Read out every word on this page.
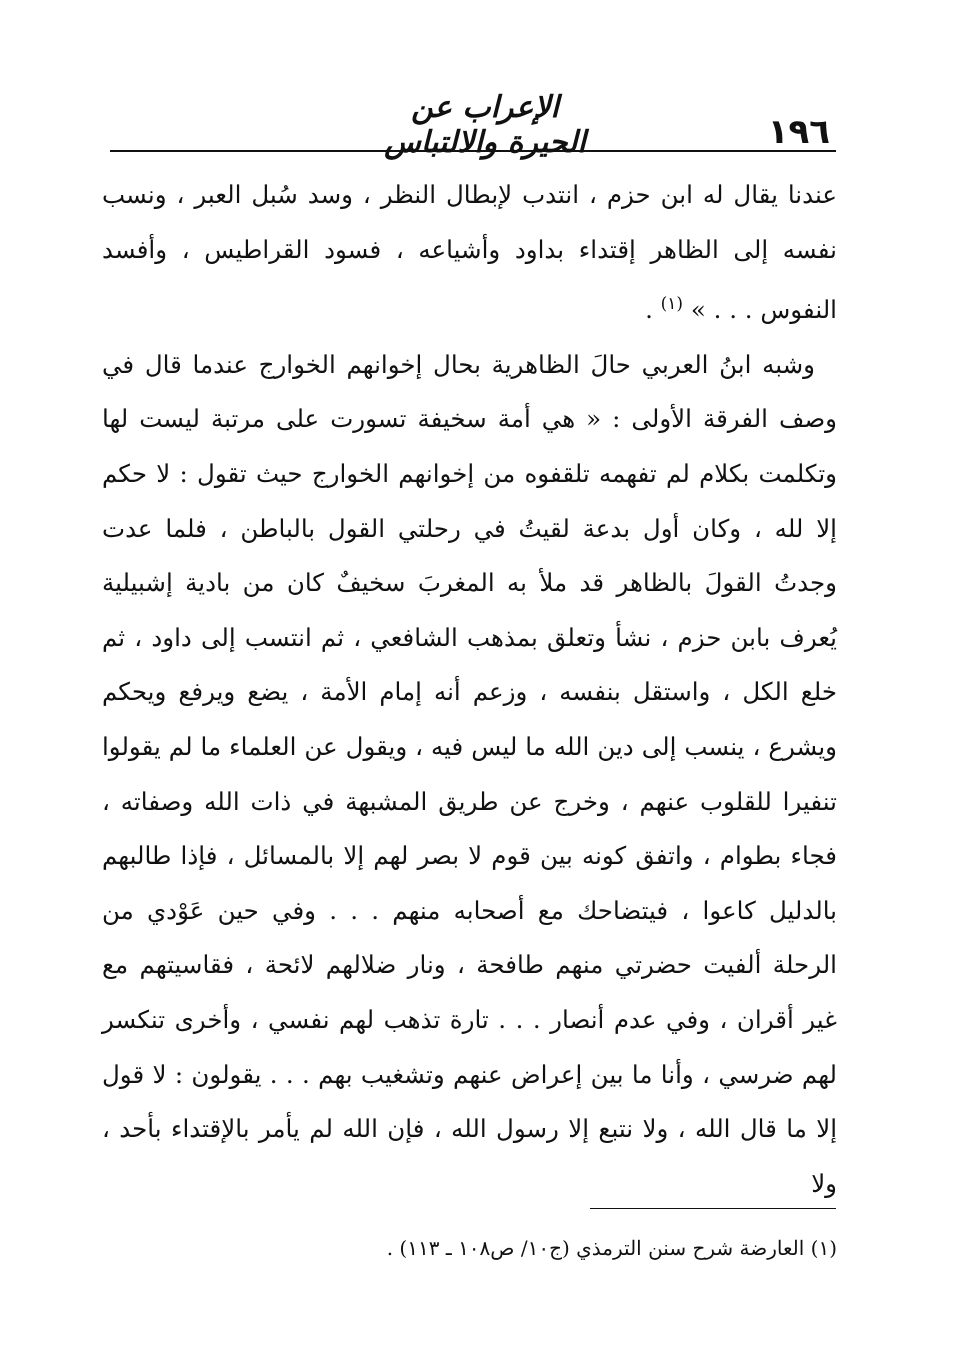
١٩٦
الإعراب عن الحيرة والالتباس

عندنا يقال له ابن حزم ، انتدب لإبطال النظر ، وسد سُبل العبر ، ونسب نفسه إلى الظاهر إقتداء بداود وأشياعه ، فسود القراطيس ، وأفسد النفوس . . . » $^{(١)}$ .

وشبه ابنُ العربي حالَ الظاهرية بحال إخوانهم الخوارج عندما قال في وصف الفرقة الأولى : « هي أمة سخيفة تسورت على مرتبة ليست لها وتكلمت بكلام لم تفهمه تلقفوه من إخوانهم الخوارج حيث تقول : لا حكم إلا لله ، وكان أول بدعة لقيتُ في رحلتي القول بالباطن ، فلما عدت وجدتُ القولَ بالظاهر قد ملأ به المغربَ سخيفٌ كان من بادية إشبيلية يُعرف بابن حزم ، نشأ وتعلق بمذهب الشافعي ، ثم انتسب إلى داود ، ثم خلع الكل ، واستقل بنفسه ، وزعم أنه إمام الأمة ، يضع ويرفع ويحكم ويشرع ، ينسب إلى دين الله ما ليس فيه ، ويقول عن العلماء ما لم يقولوا تنفيرا للقلوب عنهم ، وخرج عن طريق المشبهة في ذات الله وصفاته ، فجاء بطوام ، واتفق كونه بين قوم لا بصر لهم إلا بالمسائل ، فإذا طالبهم بالدليل كاعوا ، فيتضاحك مع أصحابه منهم . . . وفي حين عَوْدي من الرحلة ألفيت حضرتي منهم طافحة ، ونار ضلالهم لائحة ، فقاسيتهم مع غير أقران ، وفي عدم أنصار . . . تارة تذهب لهم نفسي ، وأخرى تنكسر لهم ضرسي ، وأنا ما بين إعراض عنهم وتشغيب بهم . . . يقولون : لا قول إلا ما قال الله ، ولا نتبع إلا رسول الله ، فإن الله لم يأمر بالإقتداء بأحد ، ولا

(١) العارضة شرح سنن الترمذي (ج١٠/ ص١٠٨ ـ ١١٣) .
